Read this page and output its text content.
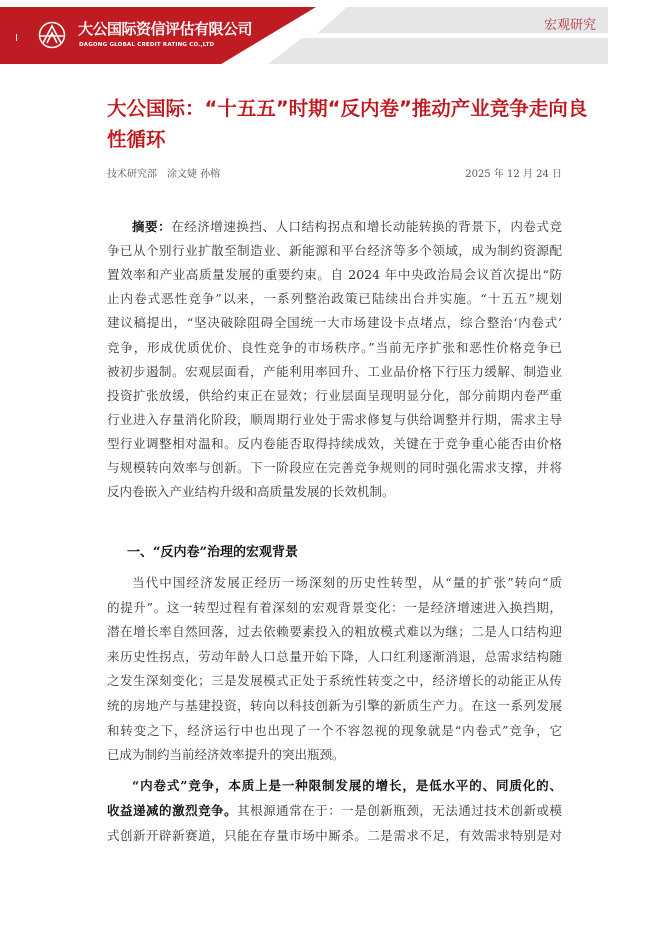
大公国际资信评估有限公司
DAGONG GLOBAL CREDIT RATING CO.,LTD
宏观研究
大公国际：“十五五”时期“反内卷”推动产业竞争走向良性循环
技术研究部　涂文婕 孙榕	2025 年 12 月 24 日
摘要：在经济增速换挡、人口结构拐点和增长动能转换的背景下，内卷式竞
争已从个别行业扩散至制造业、新能源和平台经济等多个领域，成为制约资源配
置效率和产业高质量发展的重要约束。自 2024 年中央政治局会议首次提出“防
止内卷式恶性竞争”以来，一系列整治政策已陆续出台并实施。“十五五”规划
建议稿提出，“坚决破除阻碍全国统一大市场建设卡点堵点，综合整治‘内卷式’
竞争，形成优质优价、良性竞争的市场秩序。”当前无序扩张和恶性价格竞争已
被初步遏制。宏观层面看，产能利用率回升、工业品价格下行压力缓解、制造业
投资扩张放缓，供给约束正在显效；行业层面呈现明显分化，部分前期内卷严重
行业进入存量消化阶段，顺周期行业处于需求修复与供给调整并行期，需求主导
型行业调整相对温和。反内卷能否取得持续成效，关键在于竞争重心能否由价格
与规模转向效率与创新。下一阶段应在完善竞争规则的同时强化需求支撑，并将
反内卷嵌入产业结构升级和高质量发展的长效机制。
一、“反内卷”治理的宏观背景
当代中国经济发展正经历一场深刻的历史性转型，从“量的扩张”转向“质
的提升”。这一转型过程有着深刻的宏观背景变化：一是经济增速进入换挡期，
潜在增长率自然回落，过去依赖要素投入的粗放模式难以为继；二是人口结构迎
来历史性拐点，劳动年龄人口总量开始下降，人口红利逐渐消退，总需求结构随
之发生深刻变化；三是发展模式正处于系统性转变之中，经济增长的动能正从传
统的房地产与基建投资，转向以科技创新为引擎的新质生产力。在这一系列发展
和转变之下，经济运行中也出现了一个不容忽视的现象就是“内卷式”竞争，它
已成为制约当前经济效率提升的突出瓶颈。
“内卷式”竞争，本质上是一种限制发展的增长，是低水平的、同质化的、
收益递减的激烈竞争。其根源通常在于：一是创新瓶颈，无法通过技术创新或模
式创新开辟新赛道，只能在存量市场中厮杀。二是需求不足，有效需求特别是对
